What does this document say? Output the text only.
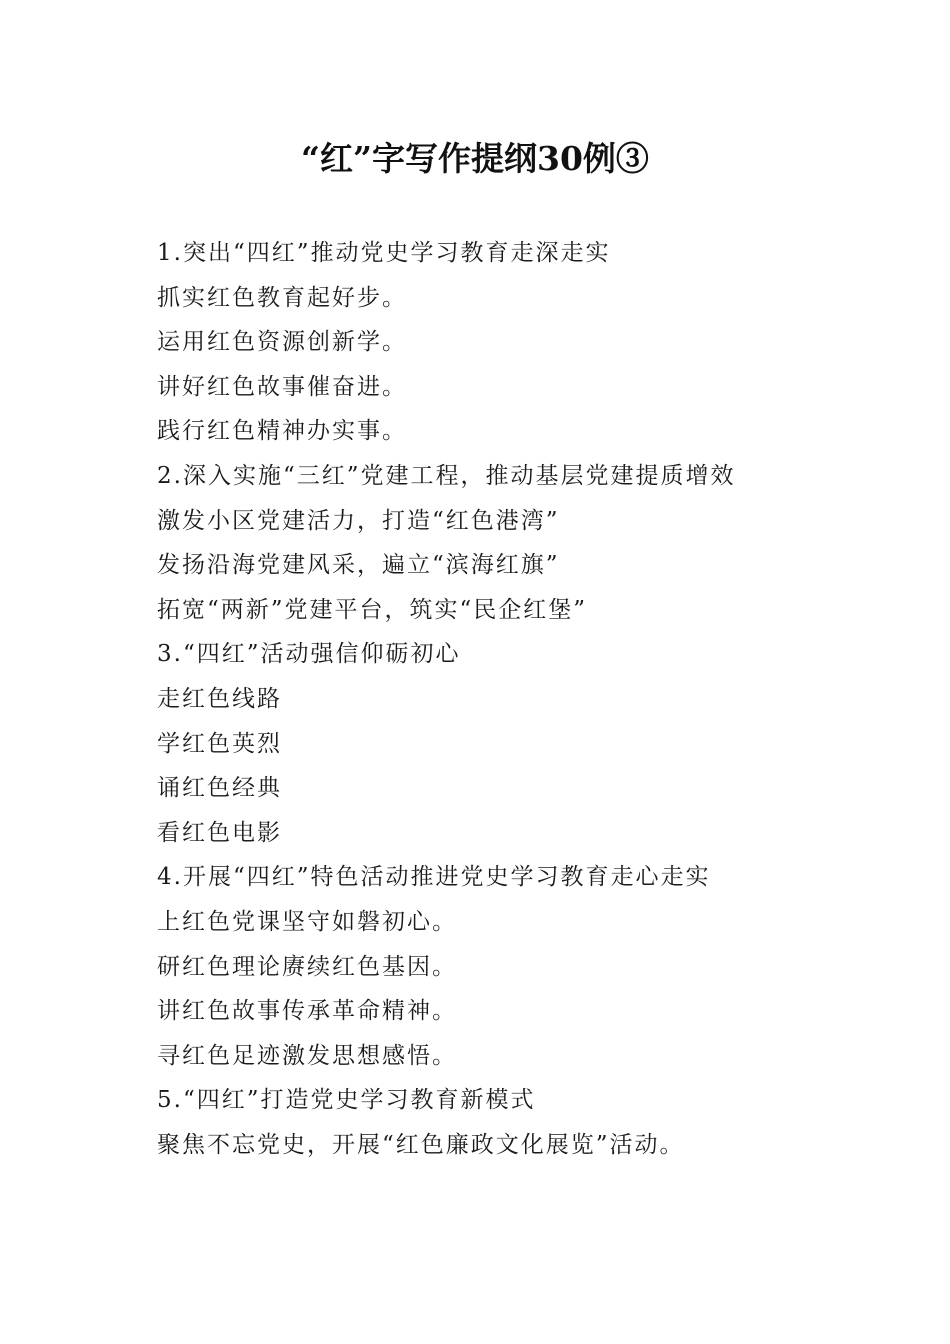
“红”字写作提纲30例③
1.突出“四红”推动党史学习教育走深走实
抓实红色教育起好步。
运用红色资源创新学。
讲好红色故事催奋进。
践行红色精神办实事。
2.深入实施“三红”党建工程，推动基层党建提质增效
激发小区党建活力，打造“红色港湾”
发扬沿海党建风采，遍立“滨海红旗”
拓宽“两新”党建平台，筑实“民企红堡”
3.“四红”活动强信仰砺初心
走红色线路
学红色英烈
诵红色经典
看红色电影
4.开展“四红”特色活动推进党史学习教育走心走实
上红色党课坚守如磐初心。
研红色理论赓续红色基因。
讲红色故事传承革命精神。
寻红色足迹激发思想感悟。
5.“四红”打造党史学习教育新模式
聚焦不忘党史，开展“红色廉政文化展览”活动。
